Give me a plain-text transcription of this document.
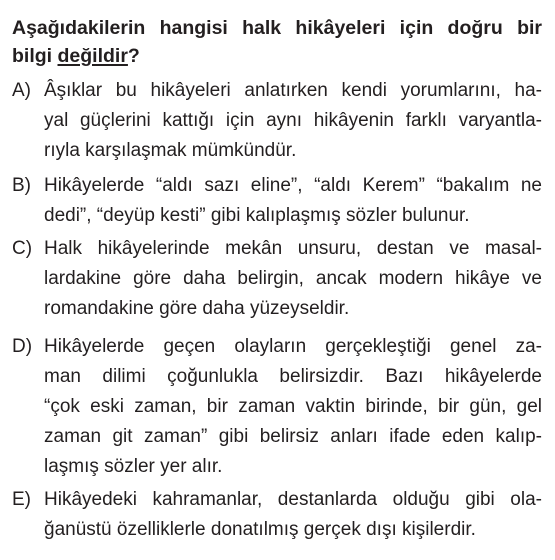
Aşağıdakilerin hangisi halk hikâyeleri için doğru bir
bilgi değildir?
A) Âşıklar bu hikâyeleri anlatırken kendi yorumlarını, ha-
yal güçlerini kattığı için aynı hikâyenin farklı varyantla-
rıyla karşılaşmak mümkündür.
B) Hikâyelerde “aldı sazı eline”, “aldı Kerem” “bakalım ne
dedi”, “deyüp kesti” gibi kalıplaşmış sözler bulunur.
C) Halk hikâyelerinde mekân unsuru, destan ve masal-
lardakine göre daha belirgin, ancak modern hikâye ve
romandakine göre daha yüzeyseldir.
D) Hikâyelerde geçen olayların gerçekleştiği genel za-
man dilimi çoğunlukla belirsizdir. Bazı hikâyelerde
“çok eski zaman, bir zaman vaktin birinde, bir gün, gel
zaman git zaman” gibi belirsiz anları ifade eden kalıp-
laşmış sözler yer alır.
E) Hikâyedeki kahramanlar, destanlarda olduğu gibi ola-
ğanüstü özelliklerle donatılmış gerçek dışı kişilerdir.
